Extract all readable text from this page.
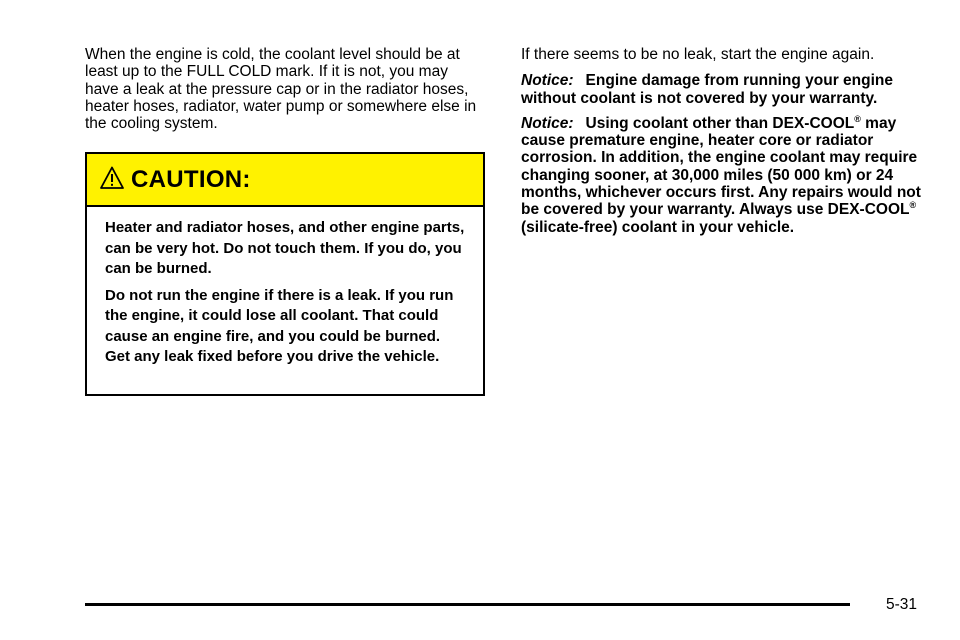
When the engine is cold, the coolant level should be at least up to the FULL COLD mark. If it is not, you may have a leak at the pressure cap or in the radiator hoses, heater hoses, radiator, water pump or somewhere else in the cooling system.

CAUTION:

Heater and radiator hoses, and other engine parts, can be very hot. Do not touch them. If you do, you can be burned.

Do not run the engine if there is a leak. If you run the engine, it could lose all coolant. That could cause an engine fire, and you could be burned. Get any leak fixed before you drive the vehicle.

If there seems to be no leak, start the engine again.

Notice: Engine damage from running your engine without coolant is not covered by your warranty.

Notice: Using coolant other than DEX-COOL® may cause premature engine, heater core or radiator corrosion. In addition, the engine coolant may require changing sooner, at 30,000 miles (50 000 km) or 24 months, whichever occurs first. Any repairs would not be covered by your warranty. Always use DEX-COOL® (silicate-free) coolant in your vehicle.

5-31
